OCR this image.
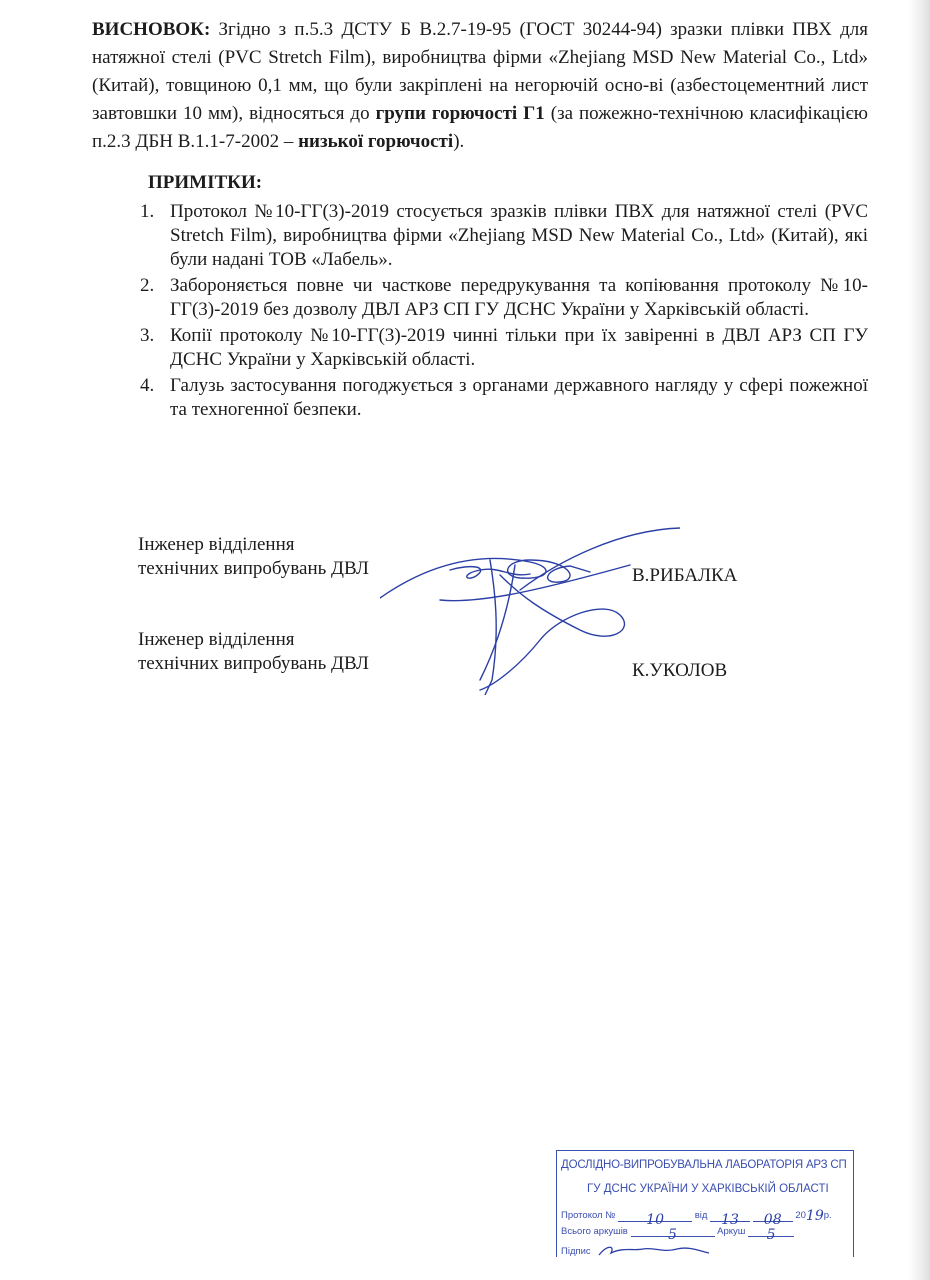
ВИСНОВОК: Згідно з п.5.3 ДСТУ Б В.2.7-19-95 (ГОСТ 30244-94) зразки плівки ПВХ для натяжної стелі (PVC Stretch Film), виробництва фірми «Zhejiang MSD New Material Co., Ltd» (Китай), товщиною 0,1 мм, що були закріплені на негорючій осно-ві (азбестоцементний лист завтовшки 10 мм), відносяться до групи горючості Г1 (за пожежно-технічною класифікацією п.2.3 ДБН В.1.1-7-2002 – низької горючості).

ПРИМІТКИ:

1. Протокол №10-ГГ(3)-2019 стосується зразків плівки ПВХ для натяжної стелі (PVC Stretch Film), виробництва фірми «Zhejiang MSD New Material Co., Ltd» (Китай), які були надані ТОВ «Лабель».
2. Забороняється повне чи часткове передрукування та копіювання протоколу №10-ГГ(3)-2019 без дозволу ДВЛ АРЗ СП ГУ ДСНС України у Харківській області.
3. Копії протоколу №10-ГГ(3)-2019 чинні тільки при їх завіренні в ДВЛ АРЗ СП ГУ ДСНС України у Харківській області.
4. Галузь застосування погоджується з органами державного нагляду у сфері пожежної та техногенної безпеки.
Інженер відділення
технічних випробувань ДВЛ	В.РИБАЛКА
Інженер відділення
технічних випробувань ДВЛ	К.УКОЛОВ
ДОСЛІДНО-ВИПРОБУВАЛЬНА ЛАБОРАТОРІЯ АРЗ СП
ГУ ДСНС УКРАЇНИ У ХАРКІВСЬКІЙ ОБЛАСТІ
Протокол № 10	від 13 08 2019р.
Всього аркушів	5	Аркуш 5
Підпис
